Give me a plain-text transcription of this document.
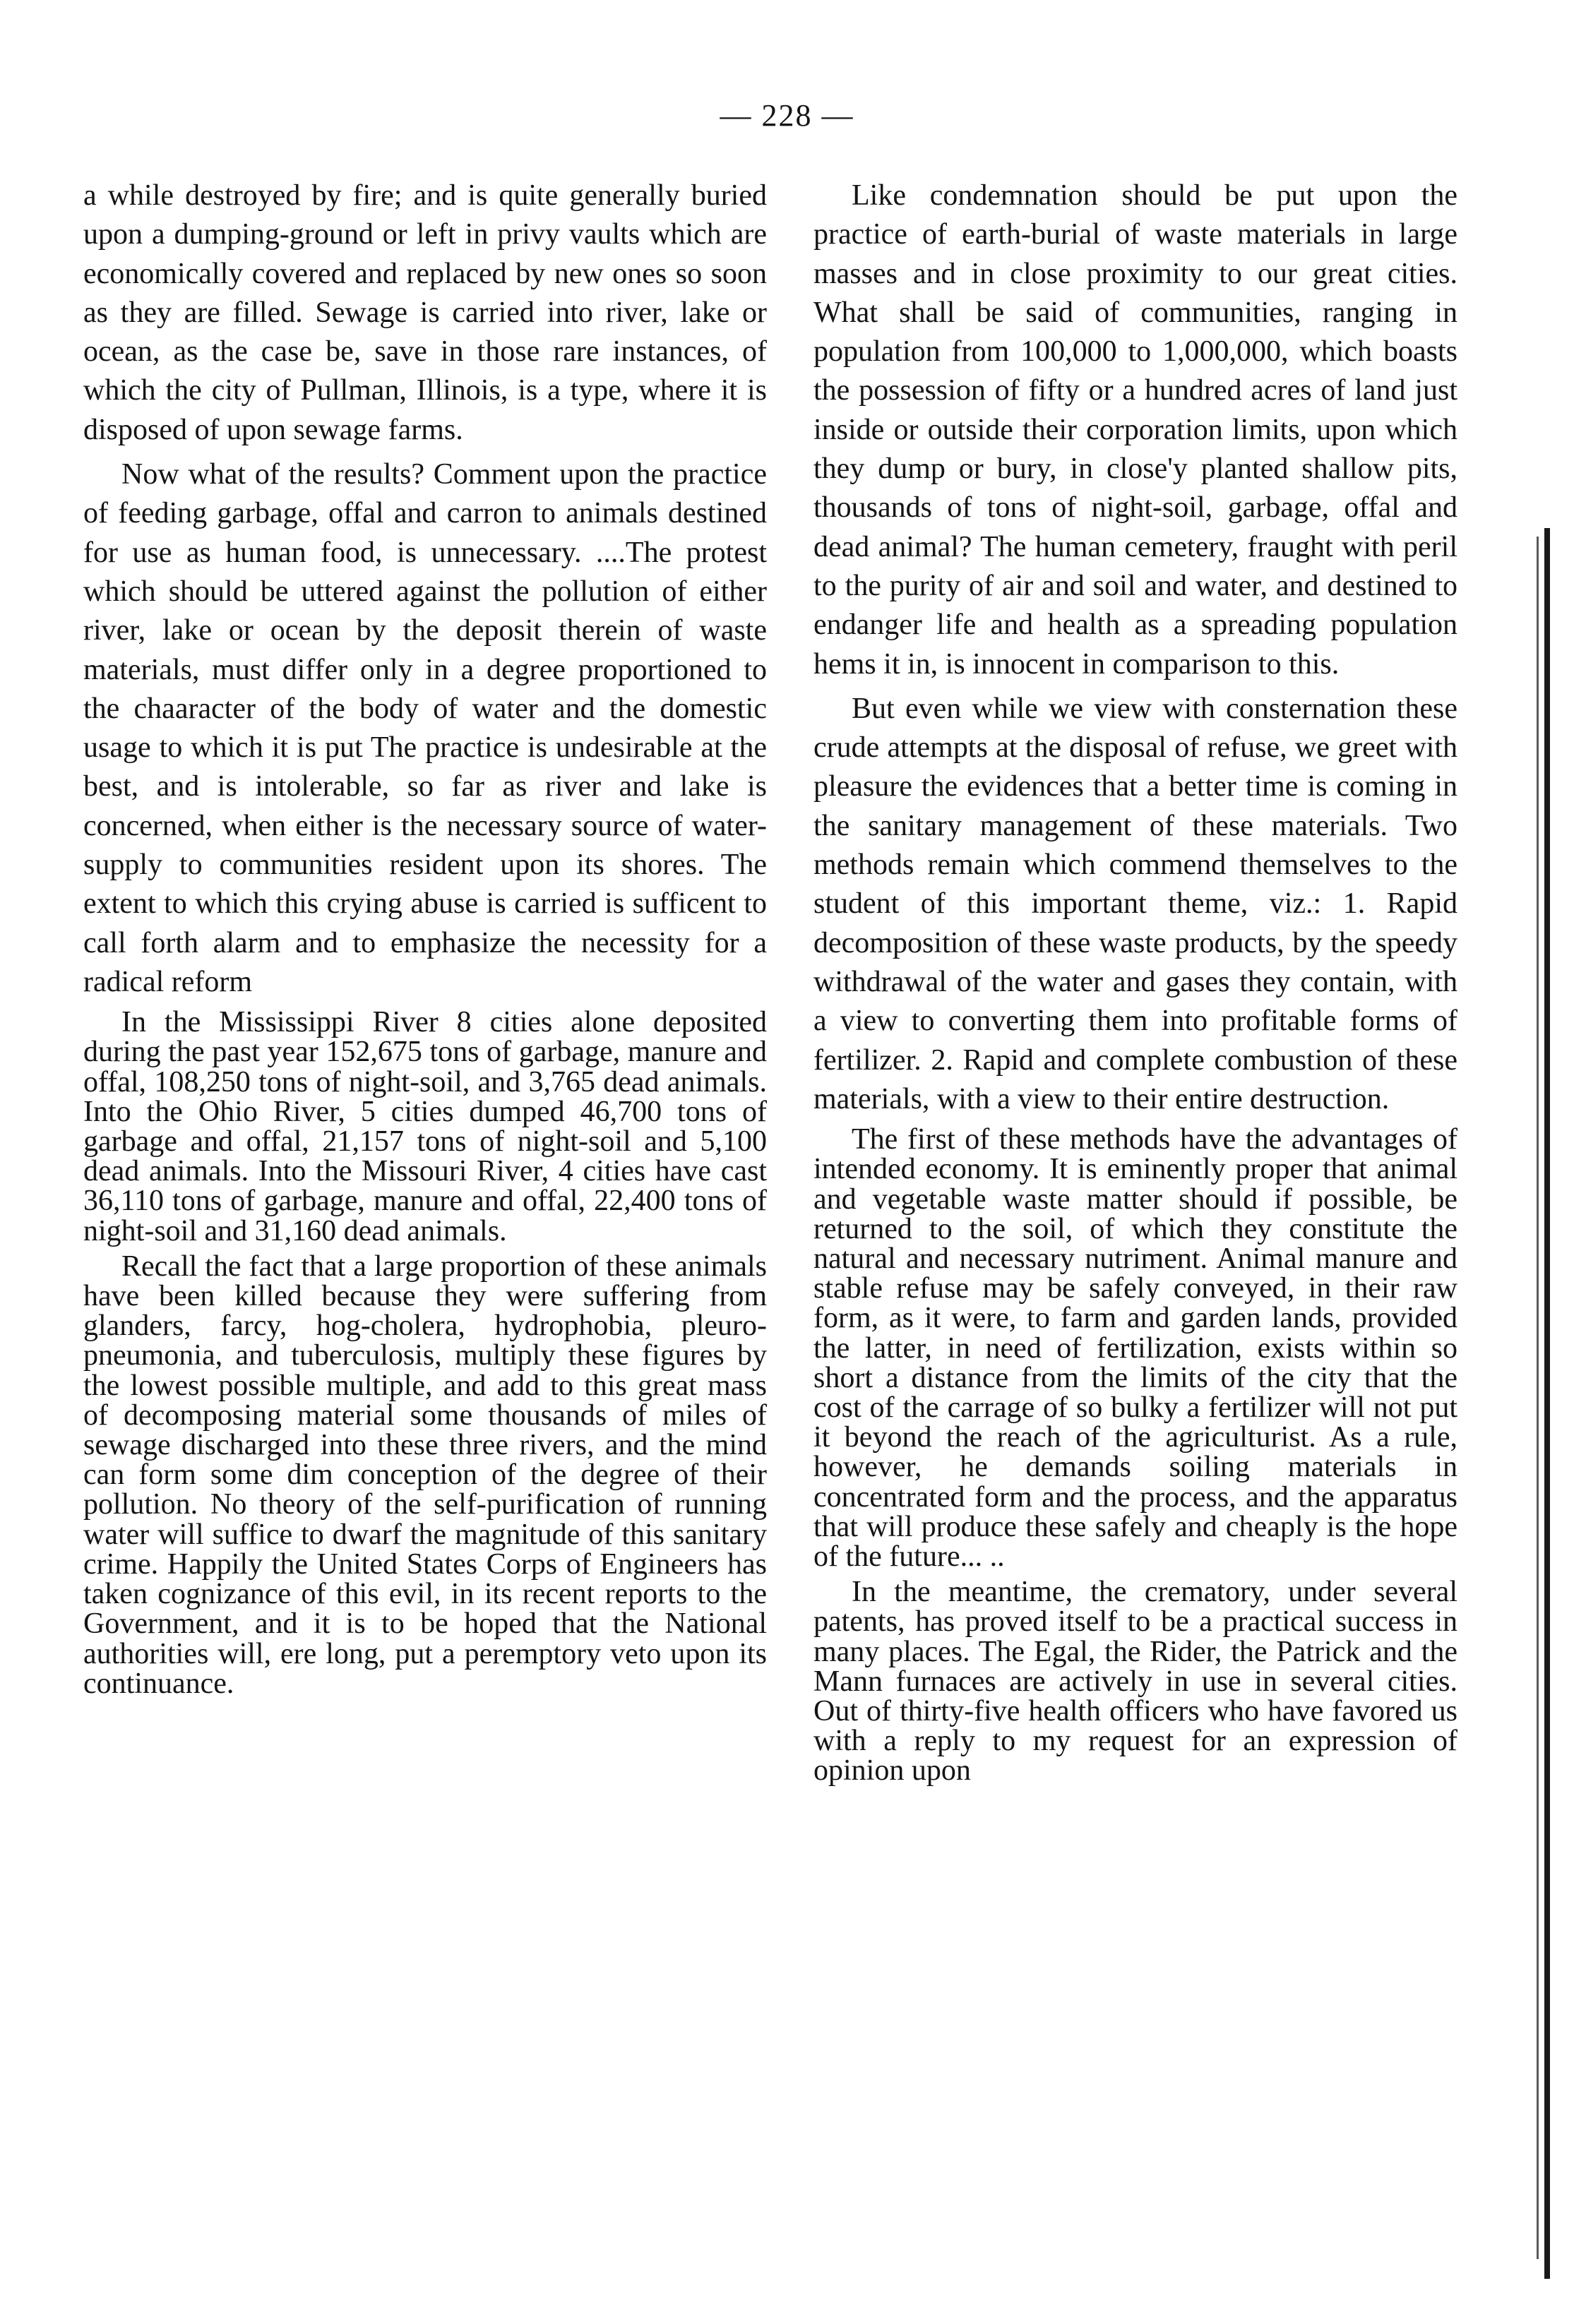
— 228 —

a while destroyed by fire; and is quite generally buried upon a dumping-ground or left in privy vaults which are economically covered and replaced by new ones so soon as they are filled. Sewage is carried into river, lake or ocean, as the case be, save in those rare instances, of which the city of Pullman, Illinois, is a type, where it is disposed of upon sewage farms.

Now what of the results? Comment upon the practice of feeding garbage, offal and carron to animals destined for use as human food, is unnecessary. ....The protest which should be uttered against the pollution of either river, lake or ocean by the deposit therein of waste materials, must differ only in a degree proportioned to the chaaracter of the body of water and the domestic usage to which it is put The practice is undesirable at the best, and is intolerable, so far as river and lake is concerned, when either is the necessary source of water-supply to communities resident upon its shores. The extent to which this crying abuse is carried is sufficent to call forth alarm and to emphasize the necessity for a radical reform

In the Mississippi River 8 cities alone deposited during the past year 152,675 tons of garbage, manure and offal, 108,250 tons of night-soil, and 3,765 dead animals. Into the Ohio River, 5 cities dumped 46,700 tons of garbage and offal, 21,157 tons of night-soil and 5,100 dead animals. Into the Missouri River, 4 cities have cast 36,110 tons of garbage, manure and offal, 22,400 tons of night-soil and 31,160 dead animals.

Recall the fact that a large proportion of these animals have been killed because they were suffering from glanders, farcy, hog-cholera, hydrophobia, pleuro-pneumonia, and tuberculosis, multiply these figures by the lowest possible multiple, and add to this great mass of decomposing material some thousands of miles of sewage discharged into these three rivers, and the mind can form some dim conception of the degree of their pollution. No theory of the self-purification of running water will suffice to dwarf the magnitude of this sanitary crime. Happily the United States Corps of Engineers has taken cognizance of this evil, in its recent reports to the Government, and it is to be hoped that the National authorities will, ere long, put a peremptory veto upon its continuance.

Like condemnation should be put upon the practice of earth-burial of waste materials in large masses and in close proximity to our great cities. What shall be said of communities, ranging in population from 100,000 to 1,000,000, which boasts the possession of fifty or a hundred acres of land just inside or outside their corporation limits, upon which they dump or bury, in close'y planted shallow pits, thousands of tons of night-soil, garbage, offal and dead animal? The human cemetery, fraught with peril to the purity of air and soil and water, and destined to endanger life and health as a spreading population hems it in, is innocent in comparison to this.

But even while we view with consternation these crude attempts at the disposal of refuse, we greet with pleasure the evidences that a better time is coming in the sanitary management of these materials. Two methods remain which commend themselves to the student of this important theme, viz.: 1. Rapid decomposition of these waste products, by the speedy withdrawal of the water and gases they contain, with a view to converting them into profitable forms of fertilizer. 2. Rapid and complete combustion of these materials, with a view to their entire destruction.

The first of these methods have the advantages of intended economy. It is eminently proper that animal and vegetable waste matter should if possible, be returned to the soil, of which they constitute the natural and necessary nutriment. Animal manure and stable refuse may be safely conveyed, in their raw form, as it were, to farm and garden lands, provided the latter, in need of fertilization, exists within so short a distance from the limits of the city that the cost of the carrage of so bulky a fertilizer will not put it beyond the reach of the agriculturist. As a rule, however, he demands soiling materials in concentrated form and the process, and the apparatus that will produce these safely and cheaply is the hope of the future... ..

In the meantime, the crematory, under several patents, has proved itself to be a practical success in many places. The Egal, the Rider, the Patrick and the Mann furnaces are actively in use in several cities. Out of thirty-five health officers who have favored us with a reply to my request for an expression of opinion upon
